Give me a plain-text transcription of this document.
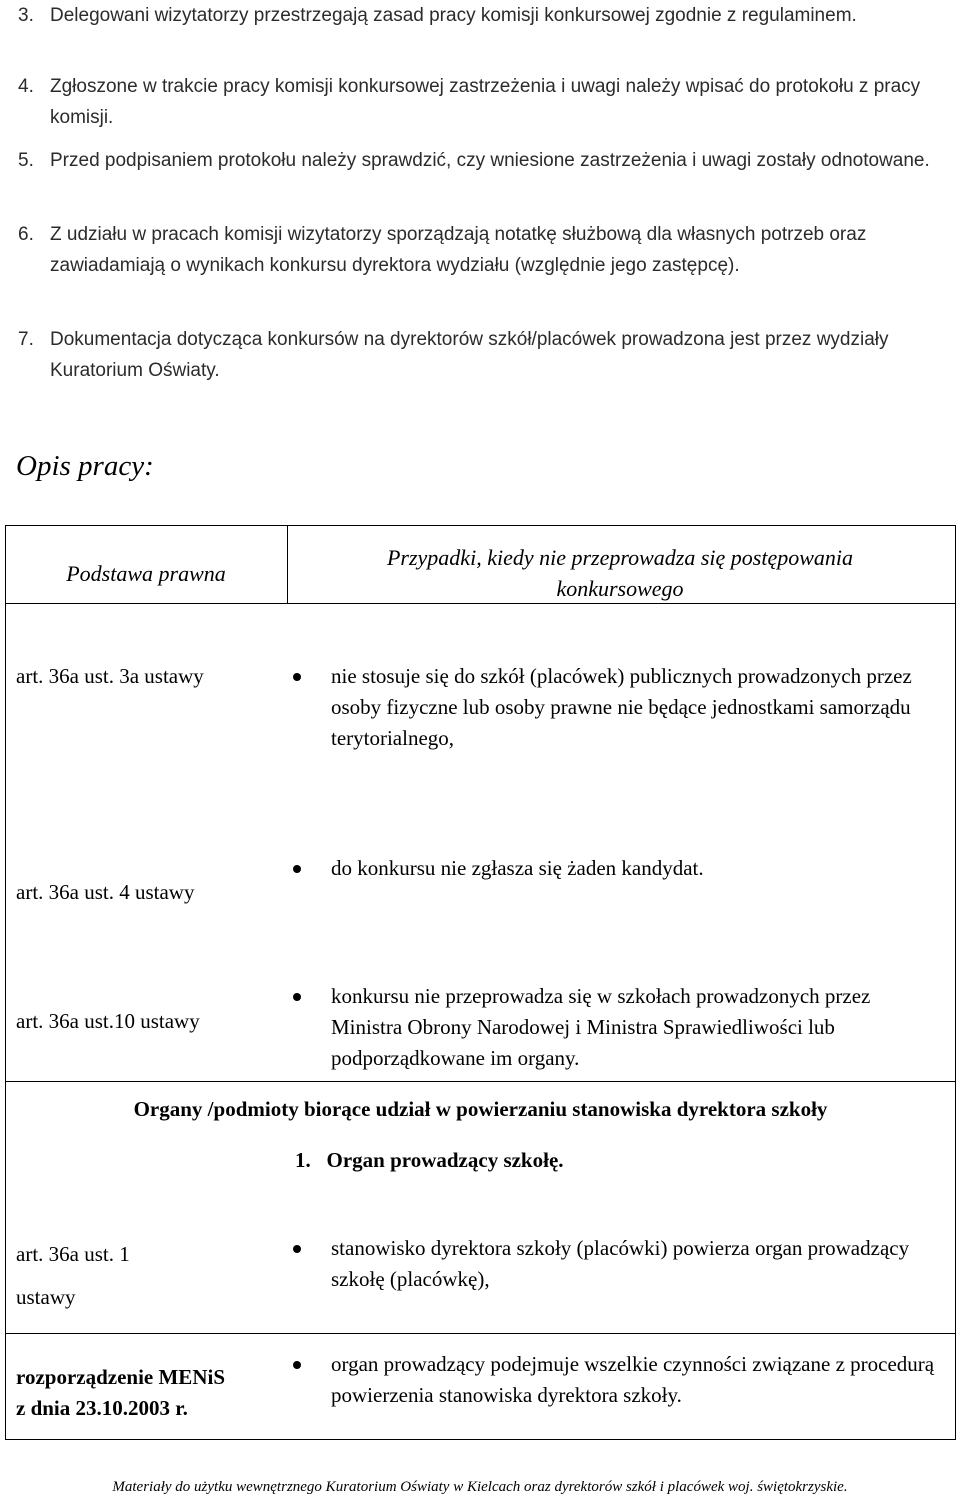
3. Delegowani wizytatorzy przestrzegają zasad pracy komisji konkursowej zgodnie z regulaminem.
4. Zgłoszone w trakcie pracy komisji konkursowej zastrzeżenia i uwagi należy wpisać do protokołu z pracy komisji.
5. Przed podpisaniem protokołu należy sprawdzić, czy wniesione zastrzeżenia i uwagi zostały odnotowane.
6. Z udziału w pracach komisji wizytatorzy sporządzają notatkę służbową dla własnych potrzeb oraz zawiadamiają o wynikach konkursu dyrektora wydziału (względnie jego zastępcę).
7. Dokumentacja dotycząca konkursów na dyrektorów szkół/placówek prowadzona jest przez wydziały Kuratorium Oświaty.
Opis pracy:
Podstawa prawna
Przypadki, kiedy nie przeprowadza się postępowania konkursowego
art. 36a ust. 3a ustawy	nie stosuje się do szkół (placówek) publicznych prowadzonych przez osoby fizyczne lub osoby prawne nie będące jednostkami samorządu terytorialnego,
art. 36a ust. 4 ustawy
do konkursu nie zgłasza się żaden kandydat.
art. 36a ust.10 ustawy
konkursu nie przeprowadza się w szkołach prowadzonych przez Ministra Obrony Narodowej i Ministra Sprawiedliwości lub podporządkowane im organy.
Organy /podmioty biorące udział w powierzaniu stanowiska dyrektora szkoły
1.   Organ prowadzący szkołę.
art. 36a ust. 1
ustawy
stanowisko dyrektora szkoły (placówki) powierza organ prowadzący szkołę (placówkę),
rozporządzenie MENiS
z dnia 23.10.2003 r.
organ prowadzący podejmuje wszelkie czynności związane z procedurą powierzenia stanowiska dyrektora szkoły.
Materiały do użytku wewnętrznego Kuratorium Oświaty w Kielcach oraz dyrektorów szkół i placówek woj. świętokrzyskie.
